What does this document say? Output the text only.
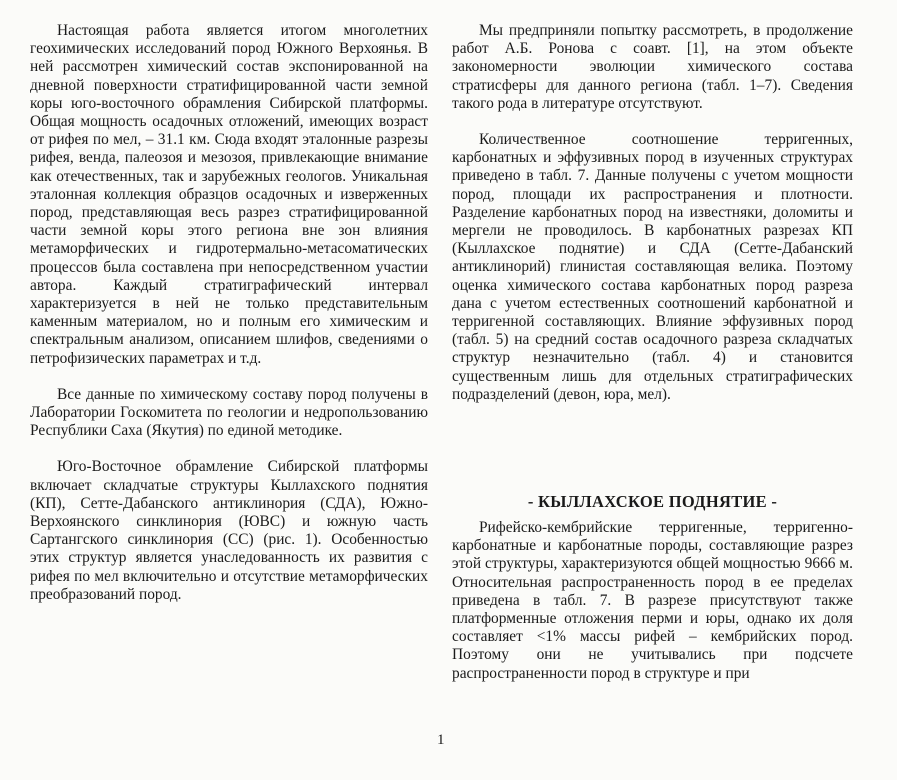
Настоящая работа является итогом многолетних геохимических исследований пород Южного Верхоянья. В ней рассмотрен химический состав экспонированной на дневной поверхности стратифицированной части земной коры юго-восточного обрамления Сибирской платформы. Общая мощность осадочных отложений, имеющих возраст от рифея по мел, – 31.1 км. Сюда входят эталонные разрезы рифея, венда, палеозоя и мезозоя, привлекающие внимание как отечественных, так и зарубежных геологов. Уникальная эталонная коллекция образцов осадочных и изверженных пород, представляющая весь разрез стратифицированной части земной коры этого региона вне зон влияния метаморфических и гидротермально-метасоматических процессов была составлена при непосредственном участии автора. Каждый стратиграфический интервал характеризуется в ней не только представительным каменным материалом, но и полным его химическим и спектральным анализом, описанием шлифов, сведениями о петрофизических параметрах и т.д.

Все данные по химическому составу пород получены в Лаборатории Госкомитета по геологии и недропользованию Республики Саха (Якутия) по единой методике.

Юго-Восточное обрамление Сибирской платформы включает складчатые структуры Кыллахского поднятия (КП), Сетте-Дабанского антиклинория (СДА), Южно-Верхоянского синклинория (ЮВС) и южную часть Сартангского синклинория (СС) (рис. 1). Особенностью этих структур является унаследованность их развития с рифея по мел включительно и отсутствие метаморфических преобразований пород.

Мы предприняли попытку рассмотреть, в продолжение работ А.Б. Ронова с соавт. [1], на этом объекте закономерности эволюции химического состава стратисферы для данного региона (табл. 1–7). Сведения такого рода в литературе отсутствуют.

Количественное соотношение терригенных, карбонатных и эффузивных пород в изученных структурах приведено в табл. 7. Данные получены с учетом мощности пород, площади их распространения и плотности. Разделение карбонатных пород на известняки, доломиты и мергели не проводилось. В карбонатных разрезах КП (Кыллахское поднятие) и СДА (Сетте-Дабанский антиклинорий) глинистая составляющая велика. Поэтому оценка химического состава карбонатных пород разреза дана с учетом естественных соотношений карбонатной и терригенной составляющих. Влияние эффузивных пород (табл. 5) на средний состав осадочного разреза складчатых структур незначительно (табл. 4) и становится существенным лишь для отдельных стратиграфических подразделений (девон, юра, мел).

- КЫЛЛАХСКОЕ ПОДНЯТИЕ -

Рифейско-кембрийские терригенные, терригенно-карбонатные и карбонатные породы, составляющие разрез этой структуры, характеризуются общей мощностью 9666 м. Относительная распространенность пород в ее пределах приведена в табл. 7. В разрезе присутствуют также платформенные отложения перми и юры, однако их доля составляет <1% массы рифей – кембрийских пород. Поэтому они не учитывались при подсчете распространенности пород в структуре и при

1
